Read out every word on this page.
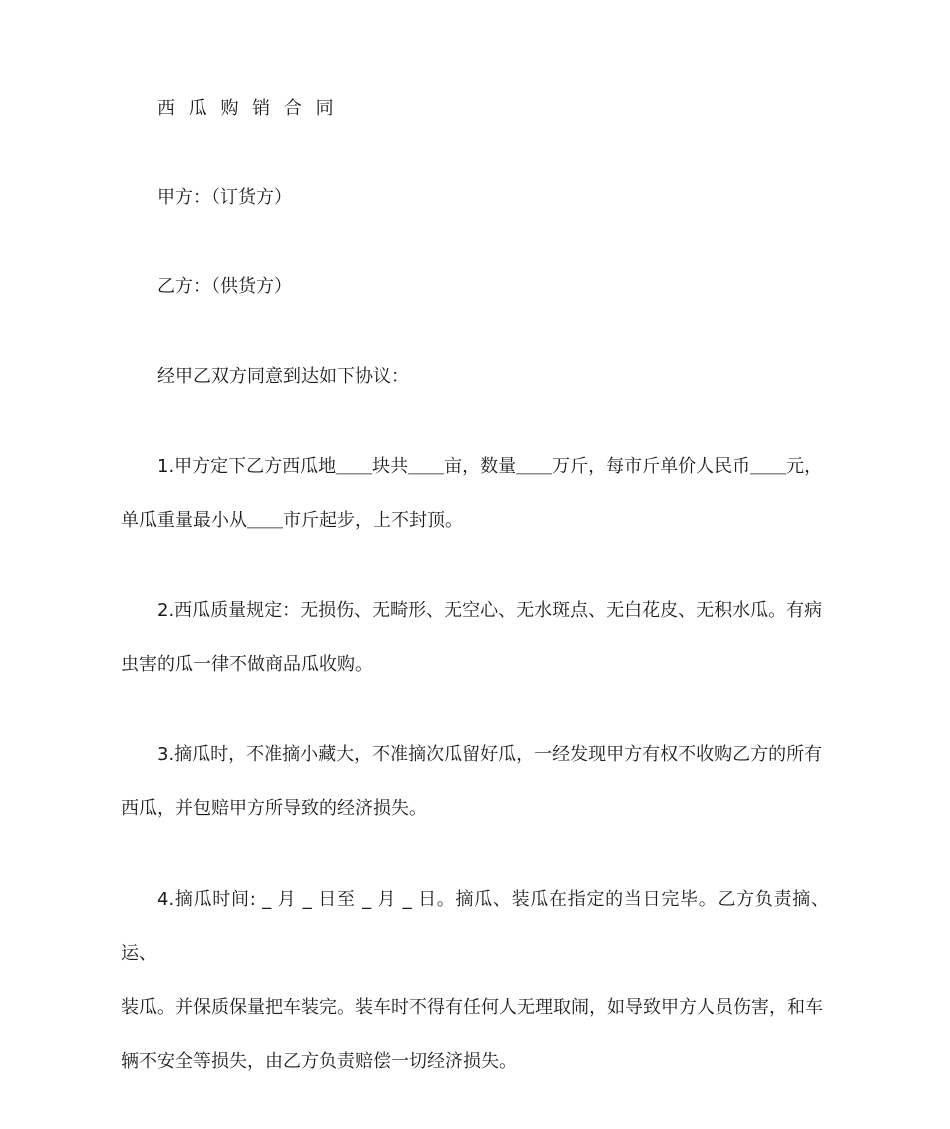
西 瓜 购 销 合 同

甲方：（订货方）

乙方：（供货方）

经甲乙双方同意到达如下协议：

1.甲方定下乙方西瓜地＿＿块共＿＿亩，数量＿＿万斤，每市斤单价人民币＿＿元，
单瓜重量最小从＿＿市斤起步，上不封顶。
2.西瓜质量规定：无损伤、无畸形、无空心、无水斑点、无白花皮、无积水瓜。有病
虫害的瓜一律不做商品瓜收购。
3.摘瓜时，不准摘小藏大，不准摘次瓜留好瓜，一经发现甲方有权不收购乙方的所有
西瓜，并包赔甲方所导致的经济损失。
4.摘瓜时间: _ 月 _ 日至 _ 月 _ 日。摘瓜、装瓜在指定的当日完毕。乙方负责摘、运、
装瓜。并保质保量把车装完。装车时不得有任何人无理取闹，如导致甲方人员伤害，和车
辆不安全等损失，由乙方负责赔偿一切经济损失。
